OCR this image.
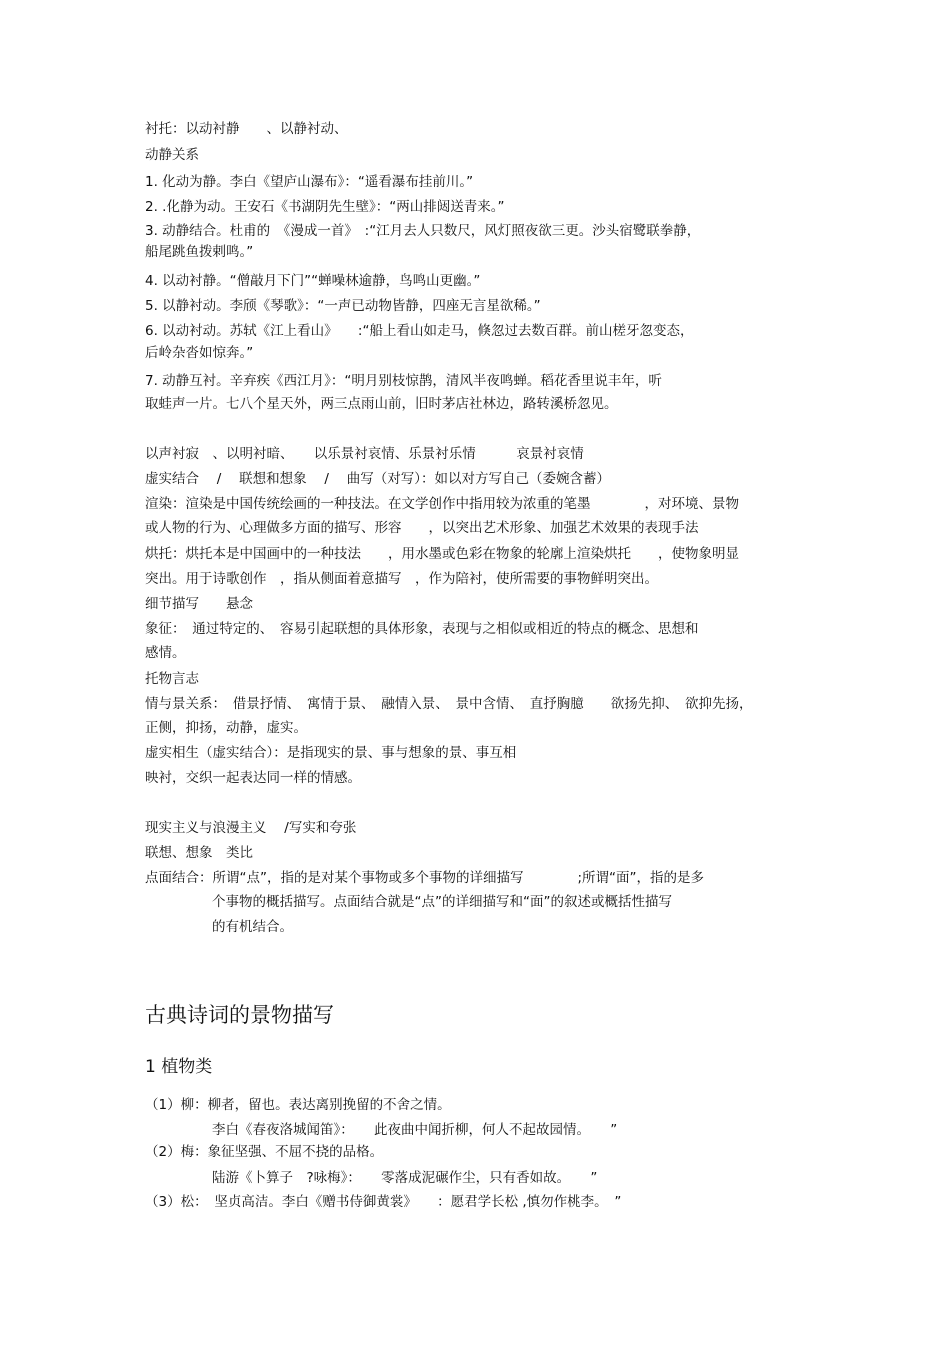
衬托：以动衬静　　、以静衬动、
动静关系
1. 化动为静。李白《望庐山瀑布》：“遥看瀑布挂前川。”
2. .化静为动。王安石《书湖阴先生壁》：“两山排闼送青来。”
3. 动静结合。杜甫的　《漫成一首》　:“江月去人只数尺，风灯照夜欲三更。沙头宿鹭联拳静，
船尾跳鱼拨剌鸣。”
4. 以动衬静。“僧敲月下门”“蝉噪林逾静，鸟鸣山更幽。”
5. 以静衬动。李颀《琴歌》：“一声已动物皆静，四座无言星欲稀。”
6. 以动衬动。苏轼《江上看山》　　:“船上看山如走马，倏忽过去数百群。前山槎牙忽变态，
后岭杂沓如惊奔。”
7. 动静互衬。辛弃疾《西江月》：“明月别枝惊鹊，清风半夜鸣蝉。稻花香里说丰年，听
取蛙声一片。七八个星天外，两三点雨山前，旧时茅店社林边，路转溪桥忽见。
以声衬寂　、以明衬暗、　　以乐景衬哀情、乐景衬乐情　　　哀景衬哀情
虚实结合　 /　 联想和想象　 /　 曲写（对写）：如以对方写自己（委婉含蓄）
渲染：渲染是中国传统绘画的一种技法。在文学创作中指用较为浓重的笔墨　　　　，对环境、景物
或人物的行为、心理做多方面的描写、形容　　，以突出艺术形象、加强艺术效果的表现手法
烘托：烘托本是中国画中的一种技法　　，用水墨或色彩在物象的轮廓上渲染烘托　　，使物象明显
突出。用于诗歌创作　，指从侧面着意描写　，作为陪衬，使所需要的事物鲜明突出。
细节描写　　悬念
象征：　通过特定的、　容易引起联想的具体形象，表现与之相似或相近的特点的概念、思想和
感情。
托物言志
情与景关系：　借景抒情、　寓情于景、　融情入景、　景中含情、　直抒胸臆　　欲扬先抑、　欲抑先扬，
正侧，抑扬，动静，虚实。
虚实相生（虚实结合）：是指现实的景、事与想象的景、事互相
映衬，交织一起表达同一样的情感。
现实主义与浪漫主义　 /写实和夸张
联想、想象　类比
点面结合：所谓“点”，指的是对某个事物或多个事物的详细描写　　　　;所谓“面”，指的是多
个事物的概括描写。点面结合就是“点”的详细描写和“面”的叙述或概括性描写
的有机结合。
古典诗词的景物描写
1 植物类
（1）柳：柳者，留也。表达离别挽留的不舍之情。
李白《春夜洛城闻笛》：　　此夜曲中闻折柳，何人不起故园情。　　”
（2）梅：象征坚强、不屈不挠的品格。
陆游《卜算子　?咏梅》：　　零落成泥碾作尘，只有香如故。　　”
（3）松：　坚贞高洁。李白《赠书侍御黄裳》　　：愿君学长松 ,慎勿作桃李。　”
